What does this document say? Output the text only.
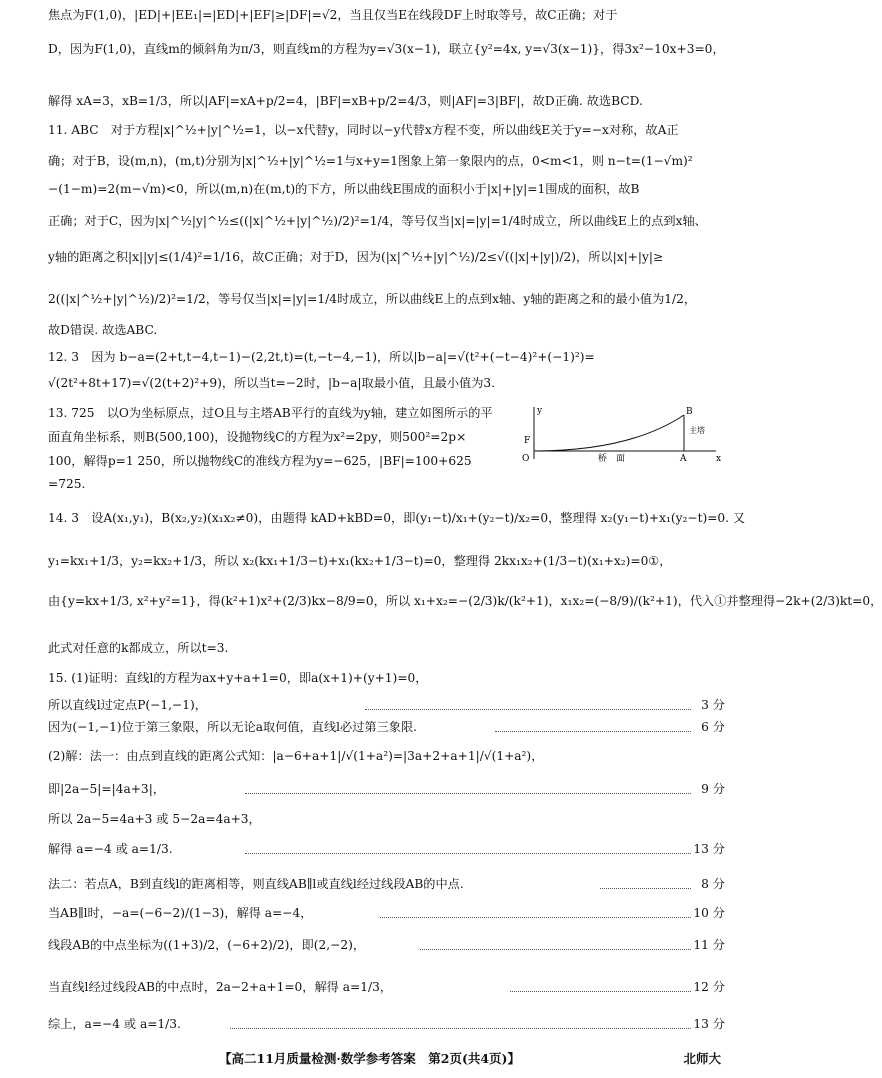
焦点为F(1,0)，|ED|+|EE₁|=|ED|+|EF|≥|DF|=√2，当且仅当E在线段DF上时取等号，故C正确；对于
D，因为F(1,0)，直线m的倾斜角为π/3，则直线m的方程为y=√3(x−1)，联立{y²=4x, y=√3(x−1)}，得3x²−10x+3=0，
解得 xA=3，xB=1/3，所以|AF|=xA+p/2=4，|BF|=xB+p/2=4/3，则|AF|=3|BF|，故D正确. 故选BCD.
11. ABC　对于方程|x|^½+|y|^½=1，以−x代替y，同时以−y代替x方程不变，所以曲线E关于y=−x对称，故A正
确；对于B，设(m,n)，(m,t)分别为|x|^½+|y|^½=1与x+y=1图象上第一象限内的点，0<m<1，则 n−t=(1−√m)²
−(1−m)=2(m−√m)<0，所以(m,n)在(m,t)的下方，所以曲线E围成的面积小于|x|+|y|=1围成的面积，故B
正确；对于C，因为|x|^½|y|^½≤((|x|^½+|y|^½)/2)²=1/4，等号仅当|x|=|y|=1/4时成立，所以曲线E上的点到x轴、
y轴的距离之积|x||y|≤(1/4)²=1/16，故C正确；对于D，因为(|x|^½+|y|^½)/2≤√((|x|+|y|)/2)，所以|x|+|y|≥
2((|x|^½+|y|^½)/2)²=1/2，等号仅当|x|=|y|=1/4时成立，所以曲线E上的点到x轴、y轴的距离之和的最小值为1/2，
故D错误. 故选ABC.
12. 3　因为 b−a=(2+t,t−4,t−1)−(2,2t,t)=(t,−t−4,−1)，所以|b−a|=√(t²+(−t−4)²+(−1)²)=
√(2t²+8t+17)=√(2(t+2)²+9)，所以当t=−2时，|b−a|取最小值，且最小值为3.
13. 725　以O为坐标原点，过O且与主塔AB平行的直线为y轴，建立如图所示的平
面直角坐标系，则B(500,100)，设抛物线C的方程为x²=2py，则500²=2p×
100，解得p=1 250，所以抛物线C的准线方程为y=−625，|BF|=100+625
=725.
O
F
A
B
x
y
桥　面
主塔
14. 3　设A(x₁,y₁)，B(x₂,y₂)(x₁x₂≠0)，由题得 kAD+kBD=0，即(y₁−t)/x₁+(y₂−t)/x₂=0，整理得 x₂(y₁−t)+x₁(y₂−t)=0. 又
y₁=kx₁+1/3，y₂=kx₂+1/3，所以 x₂(kx₁+1/3−t)+x₁(kx₂+1/3−t)=0，整理得 2kx₁x₂+(1/3−t)(x₁+x₂)=0①，
由{y=kx+1/3, x²+y²=1}，得(k²+1)x²+(2/3)kx−8/9=0，所以 x₁+x₂=−(2/3)k/(k²+1)，x₁x₂=(−8/9)/(k²+1)，代入①并整理得−2k+(2/3)kt=0，
此式对任意的k都成立，所以t=3.
15. (1)证明：直线l的方程为ax+y+a+1=0，即a(x+1)+(y+1)=0，
所以直线l过定点P(−1,−1)，
因为(−1,−1)位于第三象限，所以无论a取何值，直线l必过第三象限.
(2)解：法一：由点到直线的距离公式知：|a−6+a+1|/√(1+a²)=|3a+2+a+1|/√(1+a²)，
即|2a−5|=|4a+3|，
所以 2a−5=4a+3 或 5−2a=4a+3，
解得 a=−4 或 a=1/3.
法二：若点A，B到直线l的距离相等，则直线AB∥l或直线l经过线段AB的中点.
当AB∥l时，−a=(−6−2)/(1−3)，解得 a=−4，
线段AB的中点坐标为((1+3)/2，(−6+2)/2)，即(2,−2)，
当直线l经过线段AB的中点时，2a−2+a+1=0，解得 a=1/3，
综上，a=−4 或 a=1/3.
3 分
6 分
9 分
13 分
8 分
10 分
11 分
12 分
13 分
【高二11月质量检测·数学参考答案　第2页(共4页)】	北师大
